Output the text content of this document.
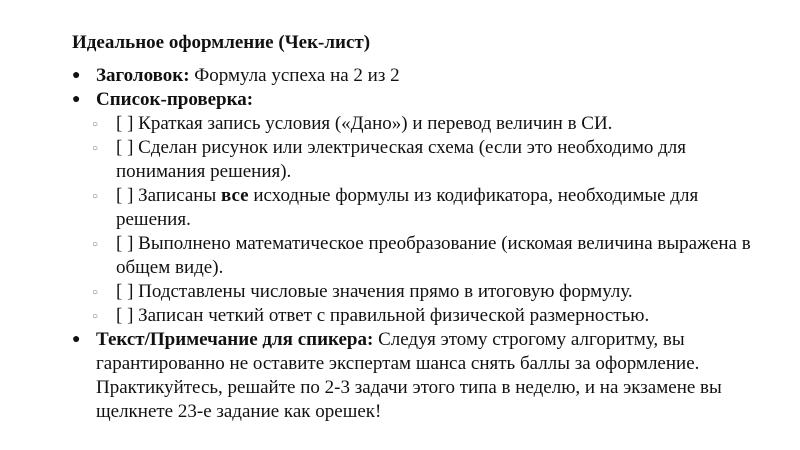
Идеальное оформление (Чек-лист)
● Заголовок: Формула успеха на 2 из 2
● Список-проверка:
○ [ ] Краткая запись условия («Дано») и перевод величин в СИ.
○ [ ] Сделан рисунок или электрическая схема (если это необходимо для понимания решения).
○ [ ] Записаны все исходные формулы из кодификатора, необходимые для решения.
○ [ ] Выполнено математическое преобразование (искомая величина выражена в общем виде).
○ [ ] Подставлены числовые значения прямо в итоговую формулу.
○ [ ] Записан четкий ответ с правильной физической размерностью.
● Текст/Примечание для спикера: Следуя этому строгому алгоритму, вы гарантированно не оставите экспертам шанса снять баллы за оформление. Практикуйтесь, решайте по 2-3 задачи этого типа в неделю, и на экзамене вы щелкнете 23-е задание как орешек!
